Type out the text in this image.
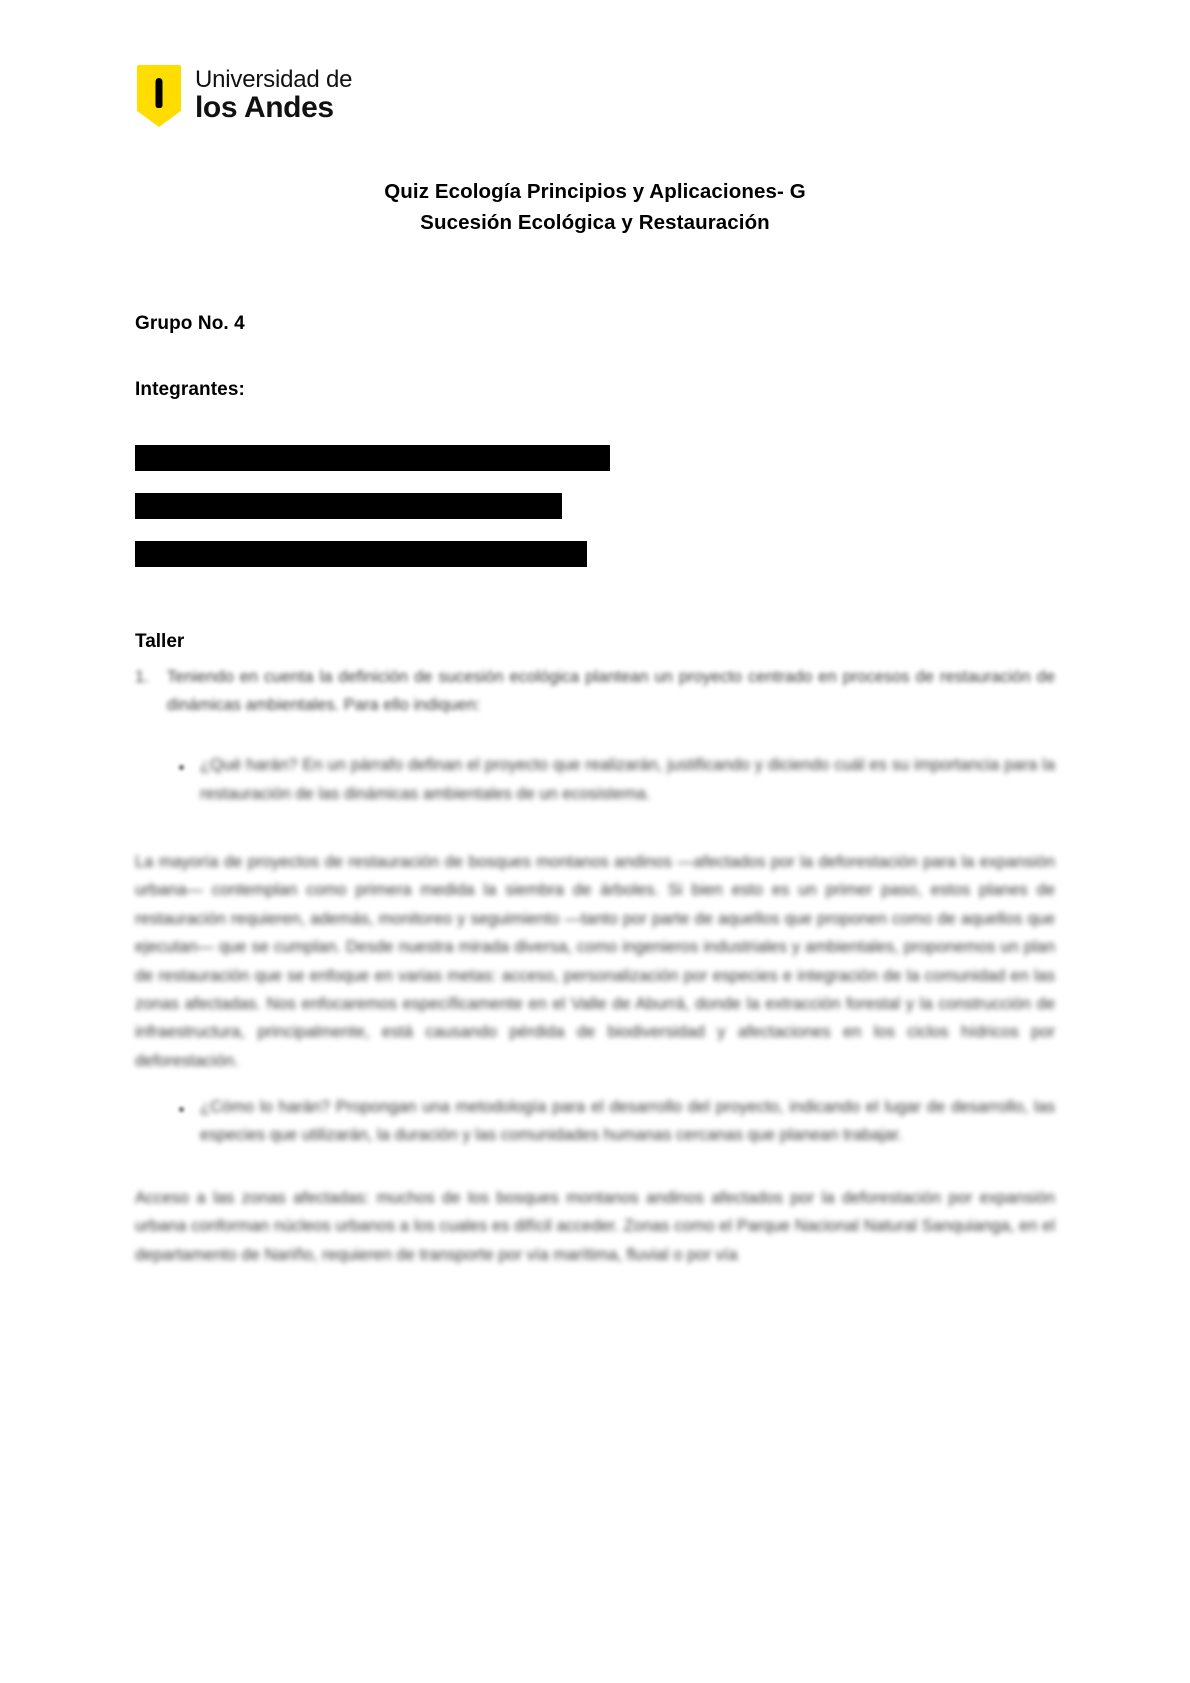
Universidad de
los Andes
Quiz Ecología Principios y Aplicaciones- G
Sucesión Ecológica y Restauración
Grupo No. 4
Integrantes:
Taller
1. Teniendo en cuenta la definición de sucesión ecológica plantean un proyecto centrado en procesos de restauración de dinámicas ambientales. Para ello indiquen:

¿Qué harán? En un párrafo definan el proyecto que realizarán, justificando y diciendo cuál es su importancia para la restauración de las dinámicas ambientales de un ecosistema.

La mayoría de proyectos de restauración de bosques montanos andinos —afectados por la deforestación para la expansión urbana— contemplan como primera medida la siembra de árboles. Si bien esto es un primer paso, estos planes de restauración requieren, además, monitoreo y seguimiento —tanto por parte de aquellos que proponen como de aquellos que ejecutan— que se cumplan. Desde nuestra mirada diversa, como ingenieros industriales y ambientales, proponemos un plan de restauración que se enfoque en varias metas: acceso, personalización por especies e integración de la comunidad en las zonas afectadas. Nos enfocaremos específicamente en el Valle de Aburrá, donde la extracción forestal y la construcción de infraestructura, principalmente, está causando pérdida de biodiversidad y afectaciones en los ciclos hídricos por deforestación.

¿Cómo lo harán? Propongan una metodología para el desarrollo del proyecto, indicando el lugar de desarrollo, las especies que utilizarán, la duración y las comunidades humanas cercanas que planean trabajar.

Acceso a las zonas afectadas: muchos de los bosques montanos andinos afectados por la deforestación por expansión urbana conforman núcleos urbanos a los cuales es difícil acceder. Zonas como el Parque Nacional Natural Sanquianga, en el departamento de Nariño, requieren de transporte por vía marítima, fluvial o por vía
